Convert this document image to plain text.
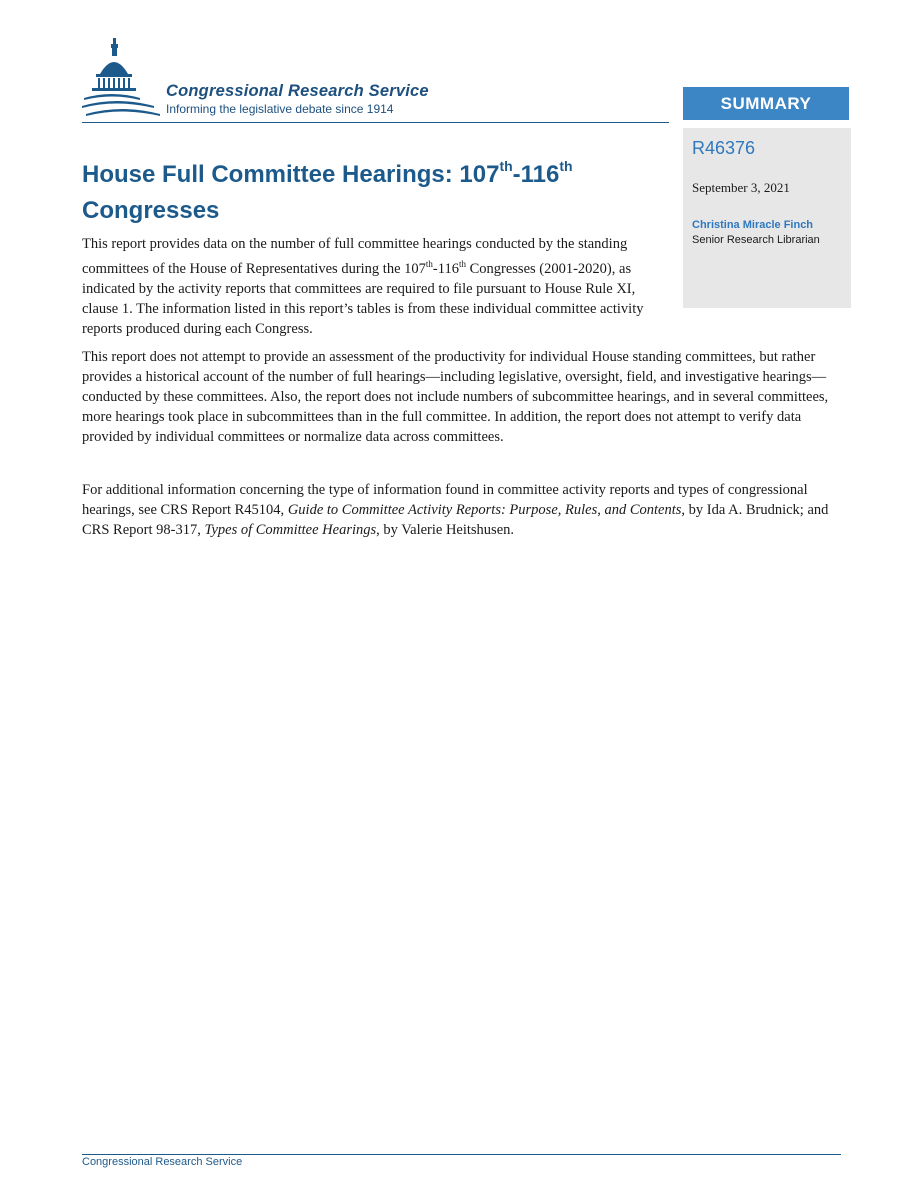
Congressional Research Service
Informing the legislative debate since 1914	SUMMARY
R46376
September 3, 2021
Christina Miracle Finch
Senior Research Librarian
House Full Committee Hearings: 107th-116th
Congresses

This report provides data on the number of full committee hearings conducted by the standing committees of the House of Representatives during the 107th-116th Congresses (2001-2020), as indicated by the activity reports that committees are required to file pursuant to House Rule XI, clause 1. The information listed in this report’s tables is from these individual committee activity reports produced during each Congress.

This report does not attempt to provide an assessment of the productivity for individual House standing committees, but rather provides a historical account of the number of full hearings—including legislative, oversight, field, and investigative hearings—conducted by these committees. Also, the report does not include numbers of subcommittee hearings, and in several committees, more hearings took place in subcommittees than in the full committee. In addition, the report does not attempt to verify data provided by individual committees or normalize data across committees.

For additional information concerning the type of information found in committee activity reports and types of congressional hearings, see CRS Report R45104, Guide to Committee Activity Reports: Purpose, Rules, and Contents, by Ida A. Brudnick; and CRS Report 98-317, Types of Committee Hearings, by Valerie Heitshusen.

Congressional Research Service
